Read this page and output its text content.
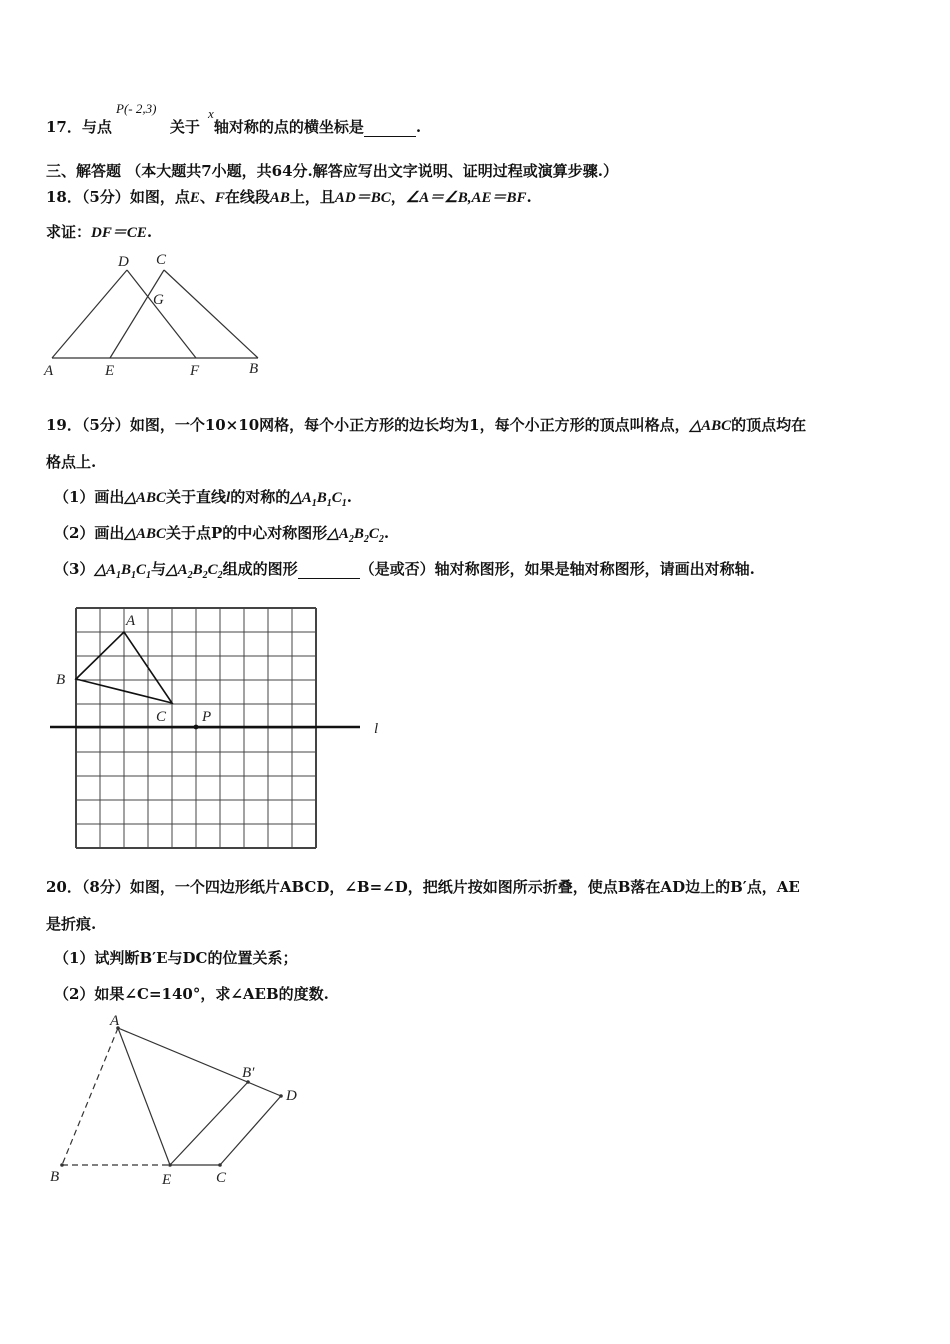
17．与点	关于 轴对称的点的横坐标是	.
P(- 2,3)	x
三、解答题 （本大题共7小题，共64分.解答应写出文字说明、证明过程或演算步骤.）
18．（5分）如图，点E、F在线段AB上，且AD＝BC，∠A＝∠B,AE＝BF.
求证：DF＝CE.
D C
G
A	E	F	B
19．（5分）如图，一个10×10网格，每个小正方形的边长均为1，每个小正方形的顶点叫格点，△ABC的顶点均在
格点上.
（1）画出△ABC关于直线l的对称的$\triangle A_1B_1C_1$.
（2）画出△ABC关于点P的中心对称图形$\triangle A_2B_2C_2$.
$(3)\triangle A_1B_1C_1$与$\triangle A_2B_2C_2$组成的图形	（是或否）轴对称图形，如果是轴对称图形，请画出对称轴.
A
B
C P
l
20．（8分）如图，一个四边形纸片ABCD，∠B=∠D，把纸片按如图所示折叠，使点B落在AD边上的B′点，AE
是折痕.
（1）试判断B′E与DC的位置关系；
（2）如果∠C=140°，求∠AEB的度数.
A
B′
D
B	E	C
